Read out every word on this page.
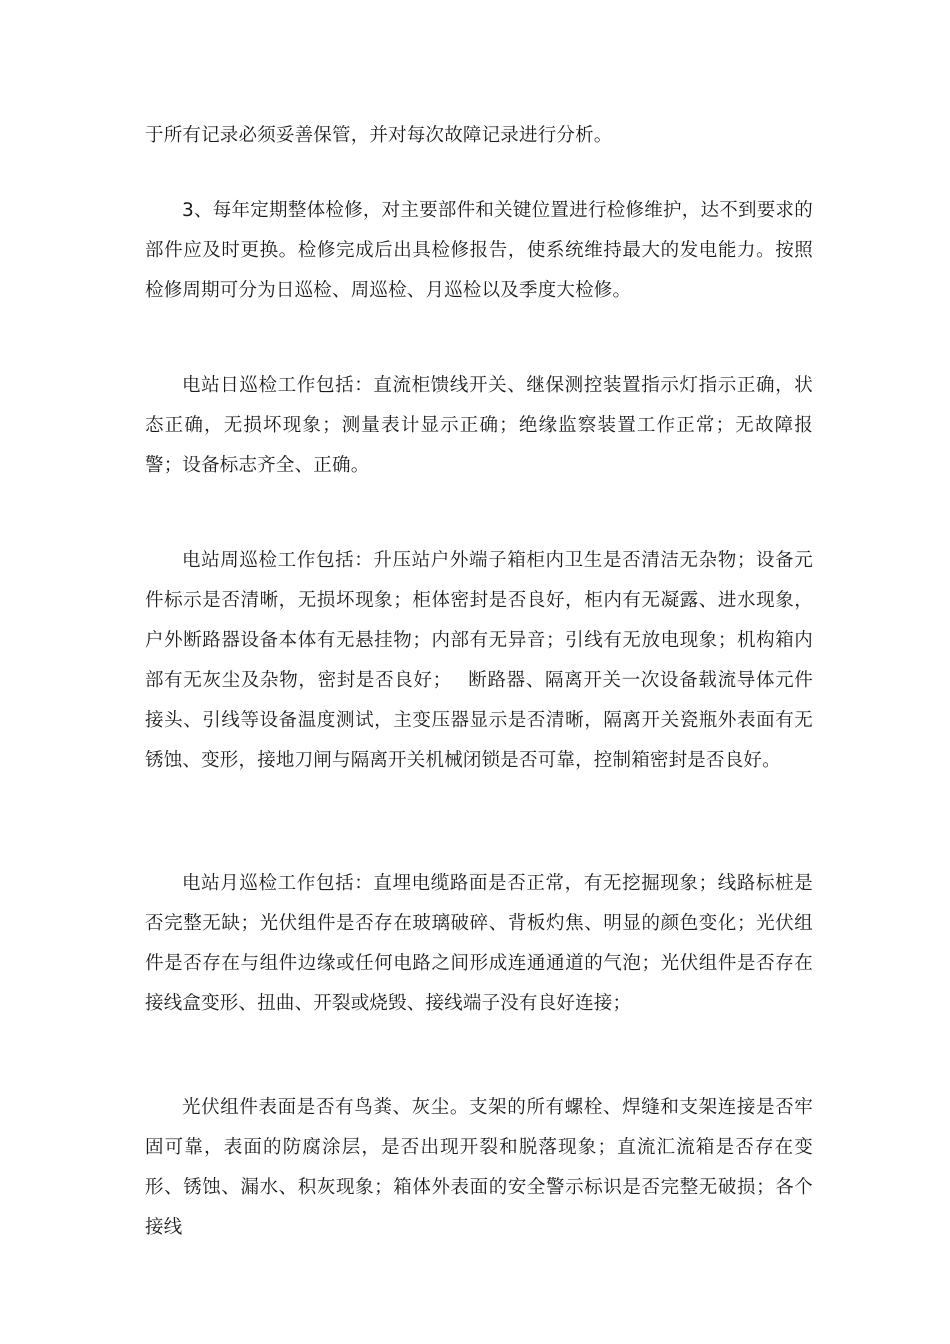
于所有记录必须妥善保管，并对每次故障记录进行分析。

3、每年定期整体检修，对主要部件和关键位置进行检修维护，达不到要求的部件应及时更换。检修完成后出具检修报告，使系统维持最大的发电能力。按照检修周期可分为日巡检、周巡检、月巡检以及季度大检修。

电站日巡检工作包括：直流柜馈线开关、继保测控装置指示灯指示正确，状态正确，无损坏现象；测量表计显示正确；绝缘监察装置工作正常；无故障报警；设备标志齐全、正确。

电站周巡检工作包括：升压站户外端子箱柜内卫生是否清洁无杂物；设备元件标示是否清晰，无损坏现象；柜体密封是否良好，柜内有无凝露、进水现象，户外断路器设备本体有无悬挂物；内部有无异音；引线有无放电现象；机构箱内部有无灰尘及杂物，密封是否良好；　 断路器、隔离开关一次设备载流导体元件接头、引线等设备温度测试，主变压器显示是否清晰，隔离开关瓷瓶外表面有无锈蚀、变形，接地刀闸与隔离开关机械闭锁是否可靠，控制箱密封是否良好。

电站月巡检工作包括：直埋电缆路面是否正常，有无挖掘现象；线路标桩是否完整无缺；光伏组件是否存在玻璃破碎、背板灼焦、明显的颜色变化；光伏组件是否存在与组件边缘或任何电路之间形成连通通道的气泡；光伏组件是否存在接线盒变形、扭曲、开裂或烧毁、接线端子没有良好连接；

光伏组件表面是否有鸟粪、灰尘。支架的所有螺栓、焊缝和支架连接是否牢固可靠，表面的防腐涂层，是否出现开裂和脱落现象；直流汇流箱是否存在变形、锈蚀、漏水、积灰现象；箱体外表面的安全警示标识是否完整无破损；各个接线
